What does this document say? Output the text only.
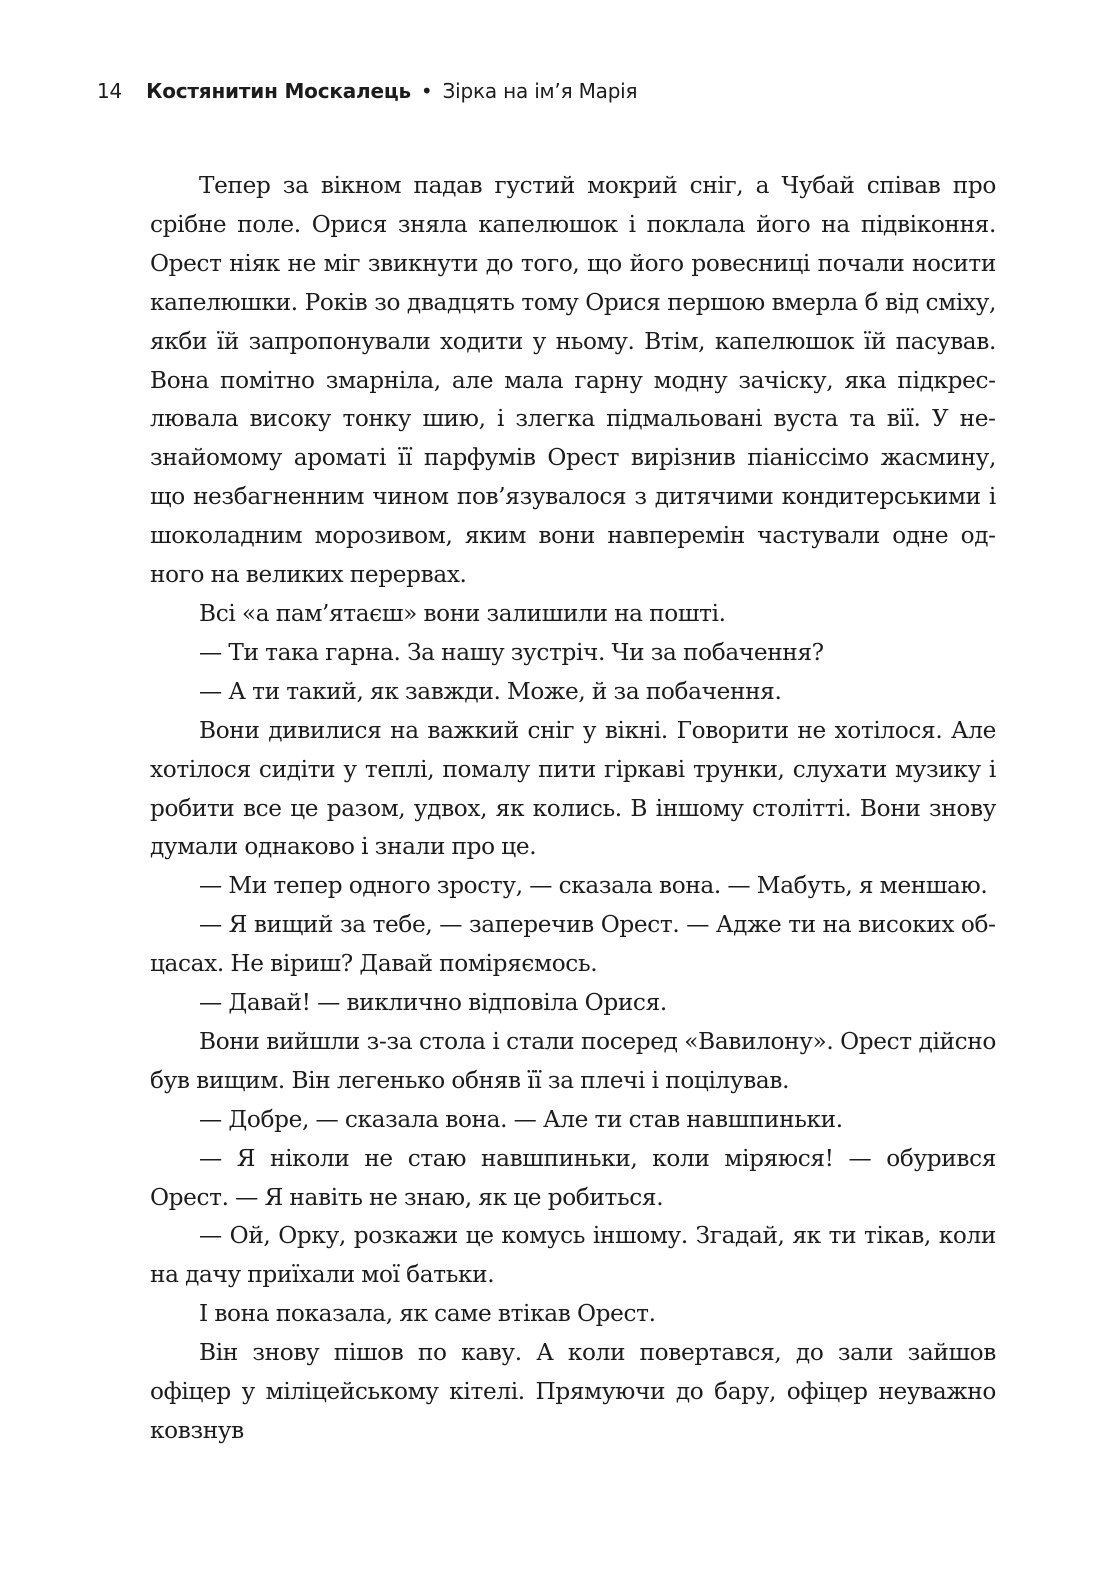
14 Костянитин Москалець • Зірка на ім’я Марія

Тепер за вікном падав густий мокрий сніг, а Чубай співав про срібне поле. Орися зняла капелюшок і поклала його на підвіконня. Орест ніяк не міг звикнути до того, що його ровесниці почали носити капелюшки. Років зо двадцять тому Орися першою вмерла б від сміху, якби їй запропонували ходити у ньому. Втім, капелюшок їй пасував. Вона помітно змарніла, але мала гарну модну зачіску, яка підкреслювала високу тонку шию, і злегка підмальовані вуста та вії. У незнайомому ароматі її парфумів Орест вирізнив піаніссімо жасмину, що незбагненним чином пов’язувалося з дитячими кондитерськими і шоколадним морозивом, яким вони навперемін частували одне одного на великих перервах.

Всі «а пам’ятаєш» вони залишили на пошті.

— Ти така гарна. За нашу зустріч. Чи за побачення?

— А ти такий, як завжди. Може, й за побачення.

Вони дивилися на важкий сніг у вікні. Говорити не хотілося. Але хотілося сидіти у теплі, помалу пити гіркаві трунки, слухати музику і робити все це разом, удвох, як колись. В іншому столітті. Вони знову думали однаково і знали про це.

— Ми тепер одного зросту, — сказала вона. — Мабуть, я меншаю.

— Я вищий за тебе, — заперечив Орест. — Адже ти на високих обцасах. Не віриш? Давай поміряємось.

— Давай! — виклично відповіла Орися.

Вони вийшли з-за стола і стали посеред «Вавилону». Орест дійсно був вищим. Він легенько обняв її за плечі і поцілував.

— Добре, — сказала вона. — Але ти став навшпиньки.

— Я ніколи не стаю навшпиньки, коли міряюся! — обурився Орест. — Я навіть не знаю, як це робиться.

— Ой, Орку, розкажи це комусь іншому. Згадай, як ти тікав, коли на дачу приїхали мої батьки.

І вона показала, як саме втікав Орест.

Він знову пішов по каву. А коли повертався, до зали зайшов офіцер у міліцейському кітелі. Прямуючи до бару, офіцер неуважно ковзнув
